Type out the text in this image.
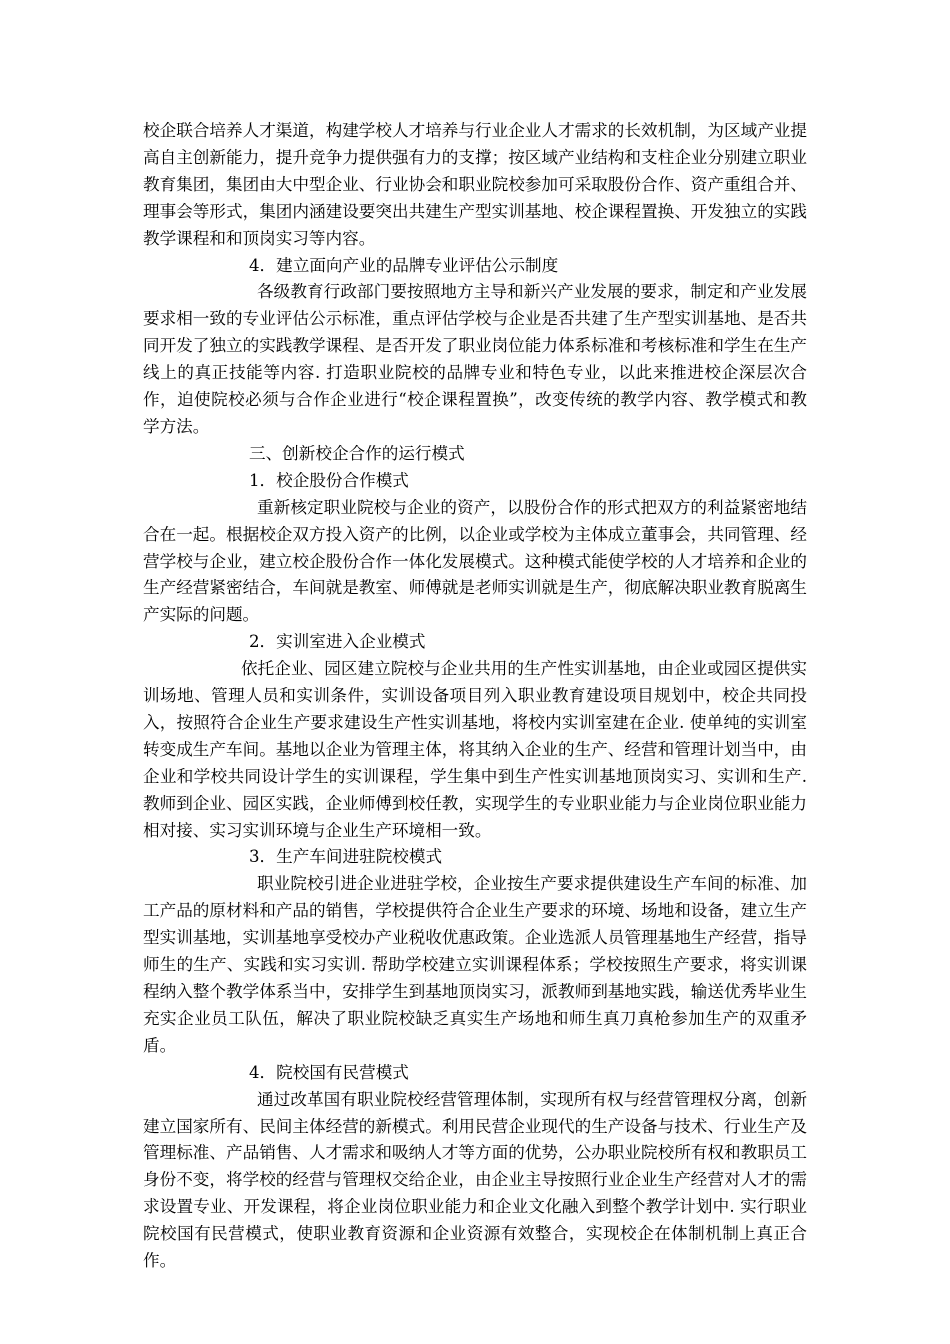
校企联合培养人才渠道，构建学校人才培养与行业企业人才需求的长效机制，为区域产业提高自主创新能力，提升竞争力提供强有力的支撑；按区域产业结构和支柱企业分别建立职业教育集团，集团由大中型企业、行业协会和职业院校参加可采取股份合作、资产重组合并、理事会等形式，集团内涵建设要突出共建生产型实训基地、校企课程置换、开发独立的实践教学课程和和顶岗实习等内容。

4．建立面向产业的品牌专业评估公示制度

各级教育行政部门要按照地方主导和新兴产业发展的要求，制定和产业发展要求相一致的专业评估公示标准，重点评估学校与企业是否共建了生产型实训基地、是否共同开发了独立的实践教学课程、是否开发了职业岗位能力体系标准和考核标准和学生在生产线上的真正技能等内容. 打造职业院校的品牌专业和特色专业，以此来推进校企深层次合作，迫使院校必须与合作企业进行“校企课程置换”，改变传统的教学内容、教学模式和教学方法。

三、创新校企合作的运行模式

1．校企股份合作模式

重新核定职业院校与企业的资产，以股份合作的形式把双方的利益紧密地结合在一起。根据校企双方投入资产的比例，以企业或学校为主体成立董事会，共同管理、经营学校与企业，建立校企股份合作一体化发展模式。这种模式能使学校的人才培养和企业的生产经营紧密结合，车间就是教室、师傅就是老师实训就是生产，彻底解决职业教育脱离生产实际的问题。

2．实训室进入企业模式

依托企业、园区建立院校与企业共用的生产性实训基地，由企业或园区提供实训场地、管理人员和实训条件，实训设备项目列入职业教育建设项目规划中，校企共同投入，按照符合企业生产要求建设生产性实训基地，将校内实训室建在企业. 使单纯的实训室转变成生产车间。基地以企业为管理主体，将其纳入企业的生产、经营和管理计划当中，由企业和学校共同设计学生的实训课程，学生集中到生产性实训基地顶岗实习、实训和生产. 教师到企业、园区实践，企业师傅到校任教，实现学生的专业职业能力与企业岗位职业能力相对接、实习实训环境与企业生产环境相一致。

3．生产车间进驻院校模式

职业院校引进企业进驻学校，企业按生产要求提供建设生产车间的标准、加工产品的原材料和产品的销售，学校提供符合企业生产要求的环境、场地和设备，建立生产型实训基地，实训基地享受校办产业税收优惠政策。企业选派人员管理基地生产经营，指导师生的生产、实践和实习实训. 帮助学校建立实训课程体系；学校按照生产要求，将实训课程纳入整个教学体系当中，安排学生到基地顶岗实习，派教师到基地实践，输送优秀毕业生充实企业员工队伍，解决了职业院校缺乏真实生产场地和师生真刀真枪参加生产的双重矛盾。

4．院校国有民营模式

通过改革国有职业院校经营管理体制，实现所有权与经营管理权分离，创新建立国家所有、民间主体经营的新模式。利用民营企业现代的生产设备与技术、行业生产及管理标准、产品销售、人才需求和吸纳人才等方面的优势，公办职业院校所有权和教职员工身份不变，将学校的经营与管理权交给企业，由企业主导按照行业企业生产经营对人才的需求设置专业、开发课程，将企业岗位职业能力和企业文化融入到整个教学计划中. 实行职业院校国有民营模式，使职业教育资源和企业资源有效整合，实现校企在体制机制上真正合作。
